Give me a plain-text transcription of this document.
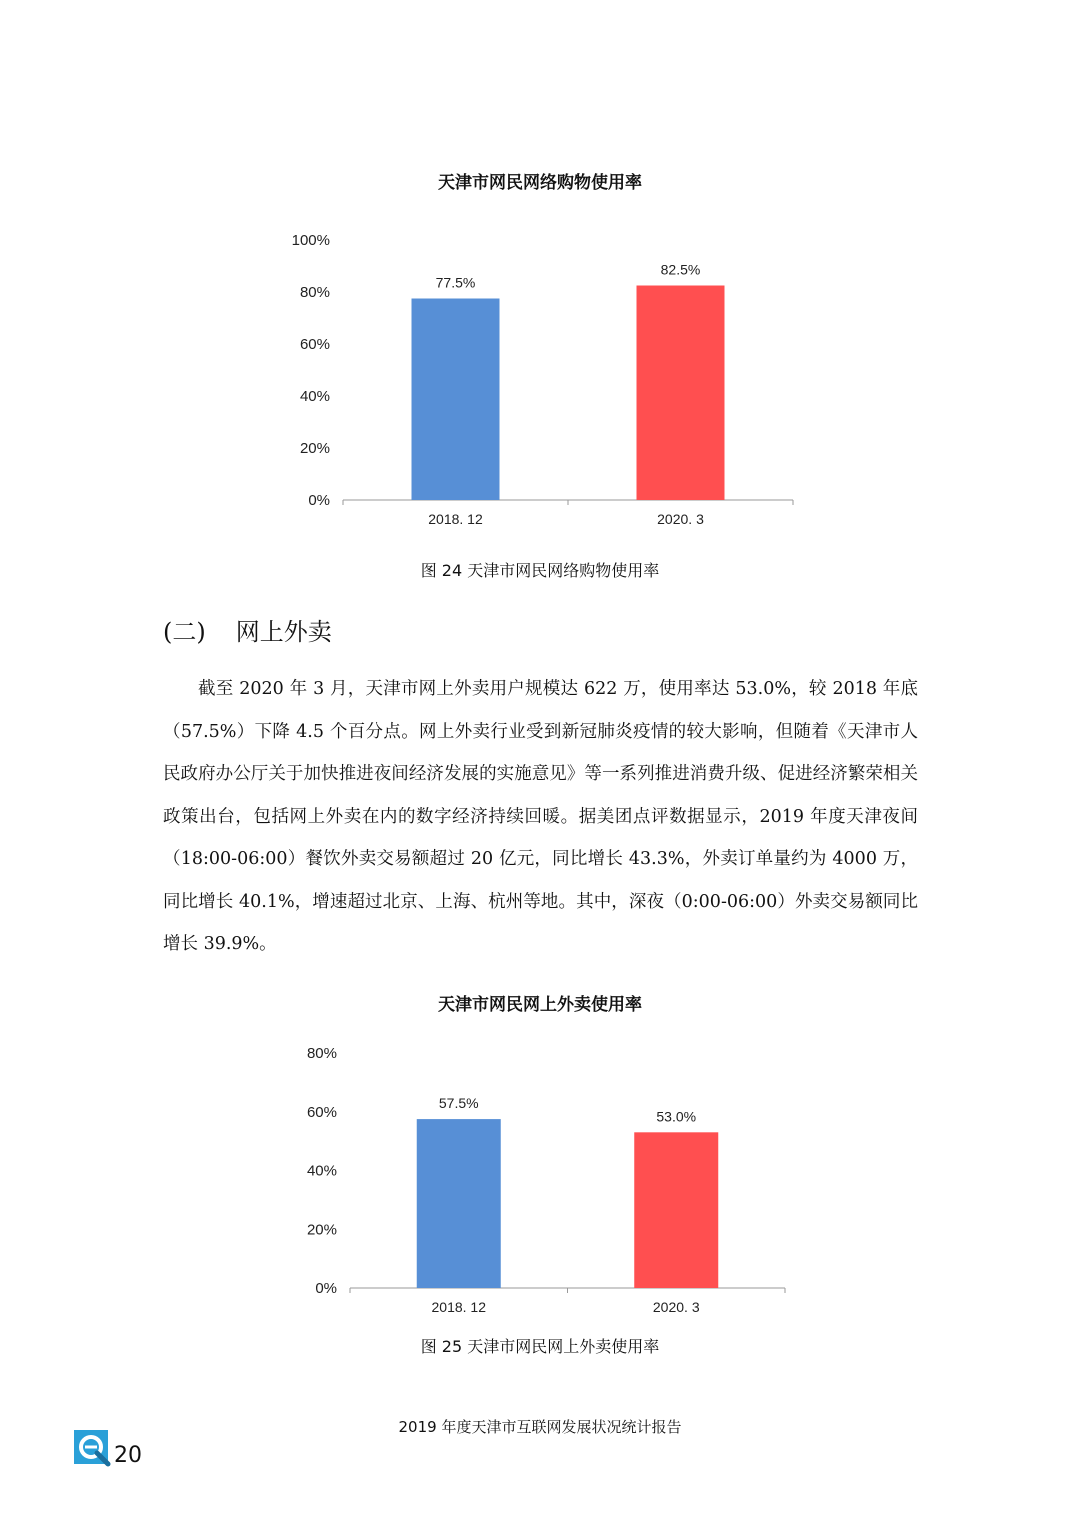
天津市网民网络购物使用率
0%
20%
40%
60%
80%
100%
77.5%
2018. 12
82.5%
2020. 3
图 24 天津市网民网络购物使用率
(二) 网上外卖

截至 2020 年 3 月，天津市网上外卖用户规模达 622 万，使用率达 53.0%，较 2018 年底（57.5%）下降 4.5 个百分点。网上外卖行业受到新冠肺炎疫情的较大影响，但随着《天津市人民政府办公厅关于加快推进夜间经济发展的实施意见》等一系列推进消费升级、促进经济繁荣相关政策出台，包括网上外卖在内的数字经济持续回暖。据美团点评数据显示，2019 年度天津夜间（18:00-06:00）餐饮外卖交易额超过 20 亿元，同比增长 43.3%，外卖订单量约为 4000 万，同比增长 40.1%，增速超过北京、上海、杭州等地。其中，深夜（0:00-06:00）外卖交易额同比增长 39.9%。

天津市网民网上外卖使用率
0%
20%
40%
60%
80%
57.5%
2018. 12
53.0%
2020. 3
图 25 天津市网民网上外卖使用率
2019 年度天津市互联网发展状况统计报告
20
